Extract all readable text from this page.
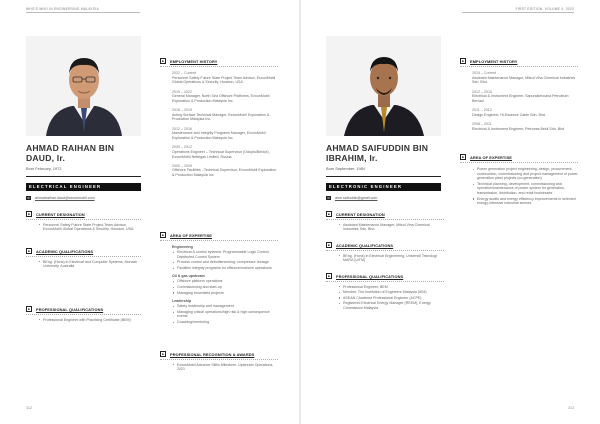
WHO'S WHO IN ENGINEERING MALAYSIA
AHMAD RAIHAN BIN
DAUD, Ir.
Born February, 1972
ELECTRICAL ENGINEER
✉	ahmadraihan.daud@exxonmobil.com
■	CURRENT DESIGNATION
Personnel Safety Future State Project Team Advisor, ExxonMobil Global Operations & Security, Houston, USA
■	ACADEMIC QUALIFICATIONS
BEng. (Hons) in Electrical and Computer Systems, Monash University, Australia
■	PROFESSIONAL QUALIFICATIONS
Professional Engineer with Practicing Certificate (BEM)
■	EMPLOYMENT HISTORY

2022 – Current

Personnel Safety Future State Project Team Advisor, ExxonMobil Global Operations & Security, Houston, USA

2019 – 2022

General Manager, North Sea Offshore Platforms, ExxonMobil Exploration & Production Malaysia Inc.

2016 – 2019

Acting Surface Technical Manager, ExxonMobil Exploration & Production Malaysia Inc.

2012 – 2016

Maintenance and Integrity Programs Manager, ExxonMobil Exploration & Production Malaysia Inc.

2009 – 2012

Operations Engineer – Technical Supervisor (Odoptu/Berkut), ExxonMobil Neftegas Limited, Russia

2000 – 2009

Offshore Facilities - Technical Supervisor, ExxonMobil Exploration & Production Malaysia Inc.

■	AREA OF EXPERTISE
Engineering
Electrical & control systems: Programmable Logic Control, Distributed Control System
Process control and debottlenecking: compressor restage
Facilities integrity programs for offshore/onshore operations
Oil & gas upstream
Offshore platform operations
Commissioning and start-up
Managing brownfield projects
Leadership
Safety leadership and management
Managing critical operations/high risk & high consequence events
Coaching/mentoring
■	PROFESSIONAL RECOGNITION & AWARDS
ExxonMobil Advance Skills Milestone, Upstream Operations, 2021
312
FIRST EDITION, VOLUME 4, 2023
AHMAD SAIFUDDIN BIN
IBRAHIM, Ir.
Born September, 1984
ELECTRONIC ENGINEER
✉	ahm.saifuddin@gmail.com
■	CURRENT DESIGNATION
Assistant Maintenance Manager, Mitsui Vina Chemical Industries Sdn. Bhd.
■	ACADEMIC QUALIFICATIONS
BEng. (Hons) in Electrical Engineering, Universiti Teknologi MARA (UiTM)
■	PROFESSIONAL QUALIFICATIONS
Professional Engineer, BEM
Member, The Institution of Engineers Malaysia (IEM)
ASEAN Chartered Professional Engineer (ACPE)
Registered Electrical Energy Manager (REEM), Energy Commission Malaysia
■	EMPLOYMENT HISTORY

2015 – Current

Assistant Maintenance Manager, Mitsui Vina Chemical Industries Sdn. Bhd.

2012 – 2015

Electrical & Instrument Engineer, Sapuraklencana Petroleum Berhad

2011 – 2012

Design Engineer, Hi-Essence Cable Sdn. Bhd.

2008 – 2011

Electrical & Instrument Engineer, Petronas Bekli Sdn. Bhd.

■	AREA OF EXPERTISE
Power generation project engineering, design, procurement, construction, commissioning and project management of power generation plant projects (co-generation)
Technical planning, development, commissioning and operation/maintenance of power system for generation, transmission, distribution, and retail businesses
Energy audits and energy efficiency improvements in selected energy-intensive industrial sectors
313
